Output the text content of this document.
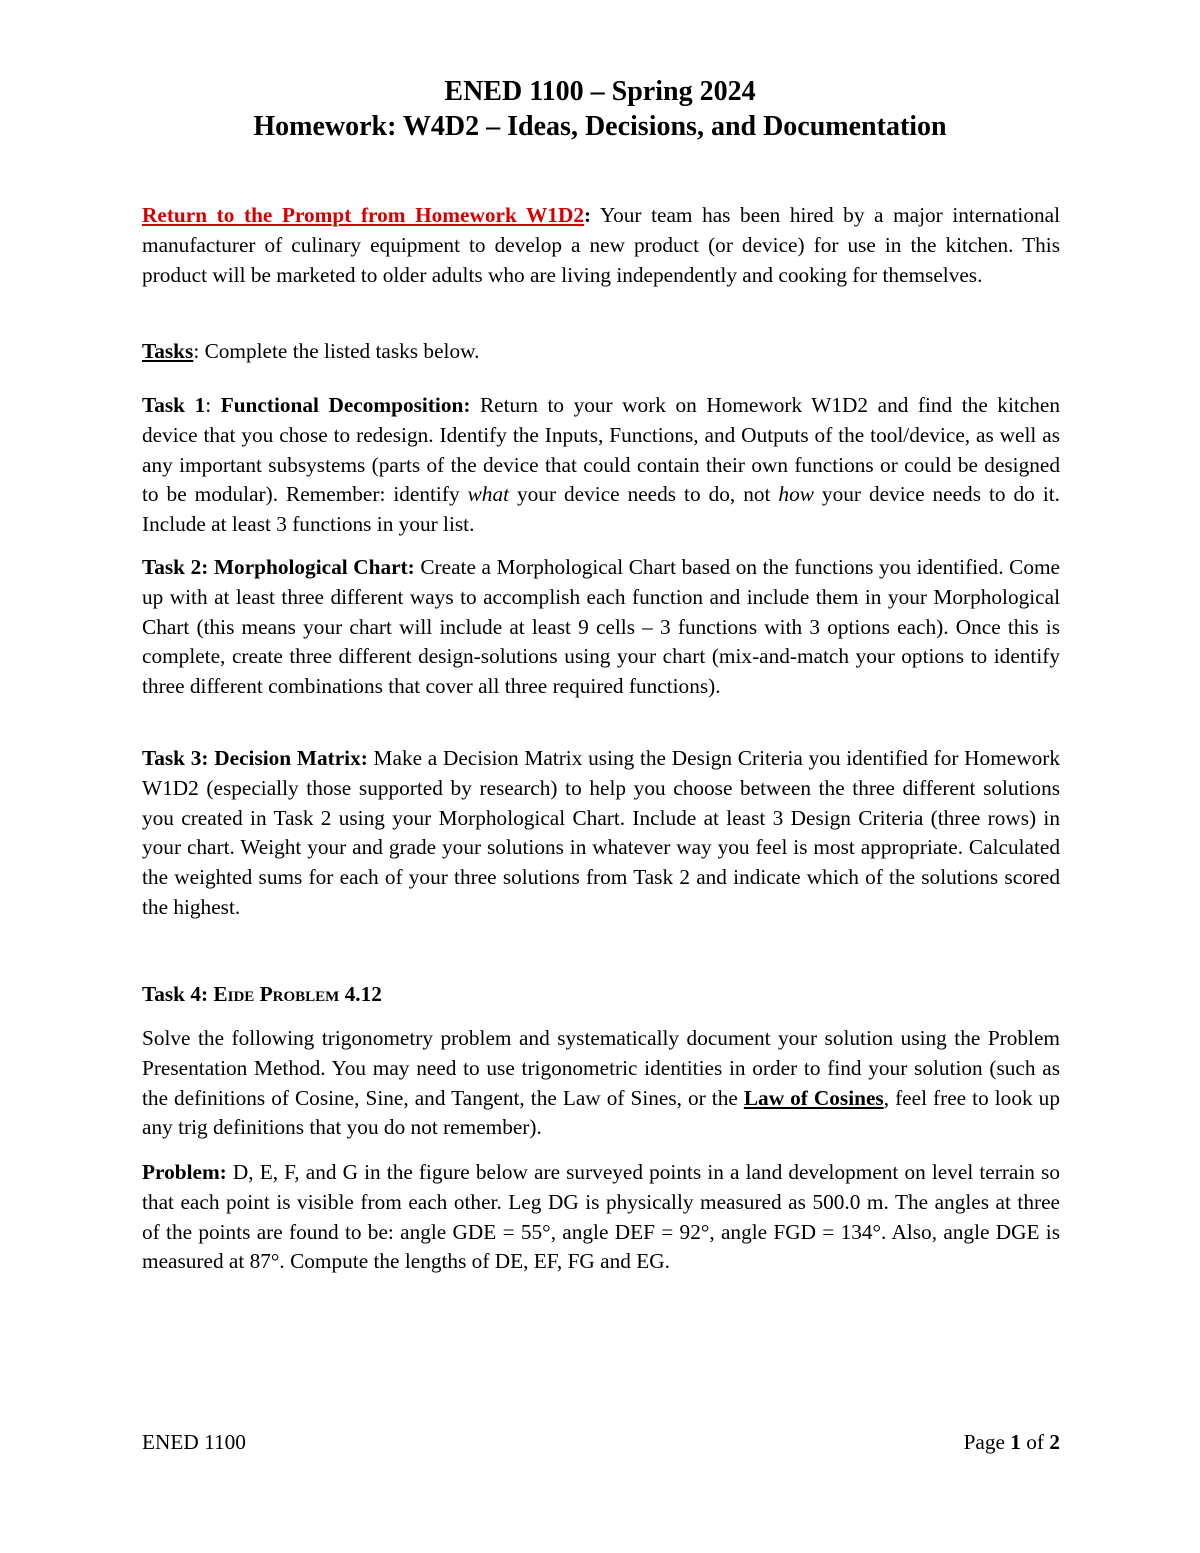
ENED 1100 – Spring 2024
Homework: W4D2 – Ideas, Decisions, and Documentation

Return to the Prompt from Homework W1D2: Your team has been hired by a major international manufacturer of culinary equipment to develop a new product (or device) for use in the kitchen. This product will be marketed to older adults who are living independently and cooking for themselves.

Tasks: Complete the listed tasks below.

Task 1: Functional Decomposition: Return to your work on Homework W1D2 and find the kitchen device that you chose to redesign. Identify the Inputs, Functions, and Outputs of the tool/device, as well as any important subsystems (parts of the device that could contain their own functions or could be designed to be modular). Remember: identify what your device needs to do, not how your device needs to do it. Include at least 3 functions in your list.

Task 2: Morphological Chart: Create a Morphological Chart based on the functions you identified. Come up with at least three different ways to accomplish each function and include them in your Morphological Chart (this means your chart will include at least 9 cells – 3 functions with 3 options each). Once this is complete, create three different design-solutions using your chart (mix-and-match your options to identify three different combinations that cover all three required functions).

Task 3: Decision Matrix: Make a Decision Matrix using the Design Criteria you identified for Homework W1D2 (especially those supported by research) to help you choose between the three different solutions you created in Task 2 using your Morphological Chart. Include at least 3 Design Criteria (three rows) in your chart. Weight your and grade your solutions in whatever way you feel is most appropriate. Calculated the weighted sums for each of your three solutions from Task 2 and indicate which of the solutions scored the highest.

Task 4: Eide Problem 4.12

Solve the following trigonometry problem and systematically document your solution using the Problem Presentation Method. You may need to use trigonometric identities in order to find your solution (such as the definitions of Cosine, Sine, and Tangent, the Law of Sines, or the Law of Cosines, feel free to look up any trig definitions that you do not remember).

Problem: D, E, F, and G in the figure below are surveyed points in a land development on level terrain so that each point is visible from each other. Leg DG is physically measured as 500.0 m. The angles at three of the points are found to be: angle GDE = 55°, angle DEF = 92°, angle FGD = 134°. Also, angle DGE is measured at 87°. Compute the lengths of DE, EF, FG and EG.

ENED 1100	Page 1 of 2
